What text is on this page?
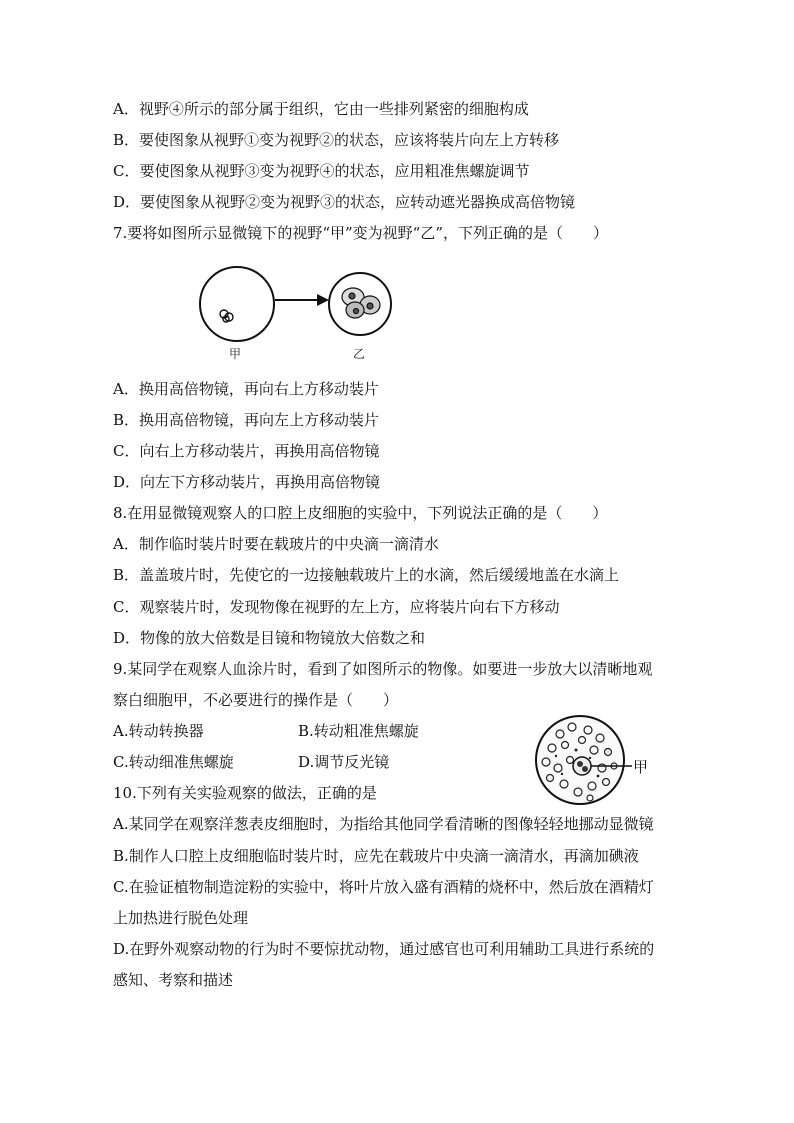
A．视野④所示的部分属于组织，它由一些排列紧密的细胞构成
B．要使图象从视野①变为视野②的状态，应该将装片向左上方转移
C．要使图象从视野③变为视野④的状态，应用粗准焦螺旋调节
D．要使图象从视野②变为视野③的状态，应转动遮光器换成高倍物镜
7.要将如图所示显微镜下的视野“甲”变为视野“乙”，下列正确的是（　　）
甲	乙
A．换用高倍物镜，再向右上方移动装片
B．换用高倍物镜，再向左上方移动装片
C．向右上方移动装片，再换用高倍物镜
D．向左下方移动装片，再换用高倍物镜
8.在用显微镜观察人的口腔上皮细胞的实验中，下列说法正确的是（　　）
A．制作临时装片时要在载玻片的中央滴一滴清水
B．盖盖玻片时，先使它的一边接触载玻片上的水滴，然后缓缓地盖在水滴上
C．观察装片时，发现物像在视野的左上方，应将装片向右下方移动
D．物像的放大倍数是目镜和物镜放大倍数之和
9.某同学在观察人血涂片时，看到了如图所示的物像。如要进一步放大以清晰地观
察白细胞甲，不必要进行的操作是（　　）
A.转动转换器	B.转动粗准焦螺旋
C.转动细准焦螺旋	D.调节反光镜	甲
10.下列有关实验观察的做法，正确的是
A.某同学在观察洋葱表皮细胞时，为指给其他同学看清晰的图像轻轻地挪动显微镜
B.制作人口腔上皮细胞临时装片时，应先在载玻片中央滴一滴清水，再滴加碘液
C.在验证植物制造淀粉的实验中，将叶片放入盛有酒精的烧杯中，然后放在酒精灯
上加热进行脱色处理
D.在野外观察动物的行为时不要惊扰动物，通过感官也可利用辅助工具进行系统的
感知、考察和描述
